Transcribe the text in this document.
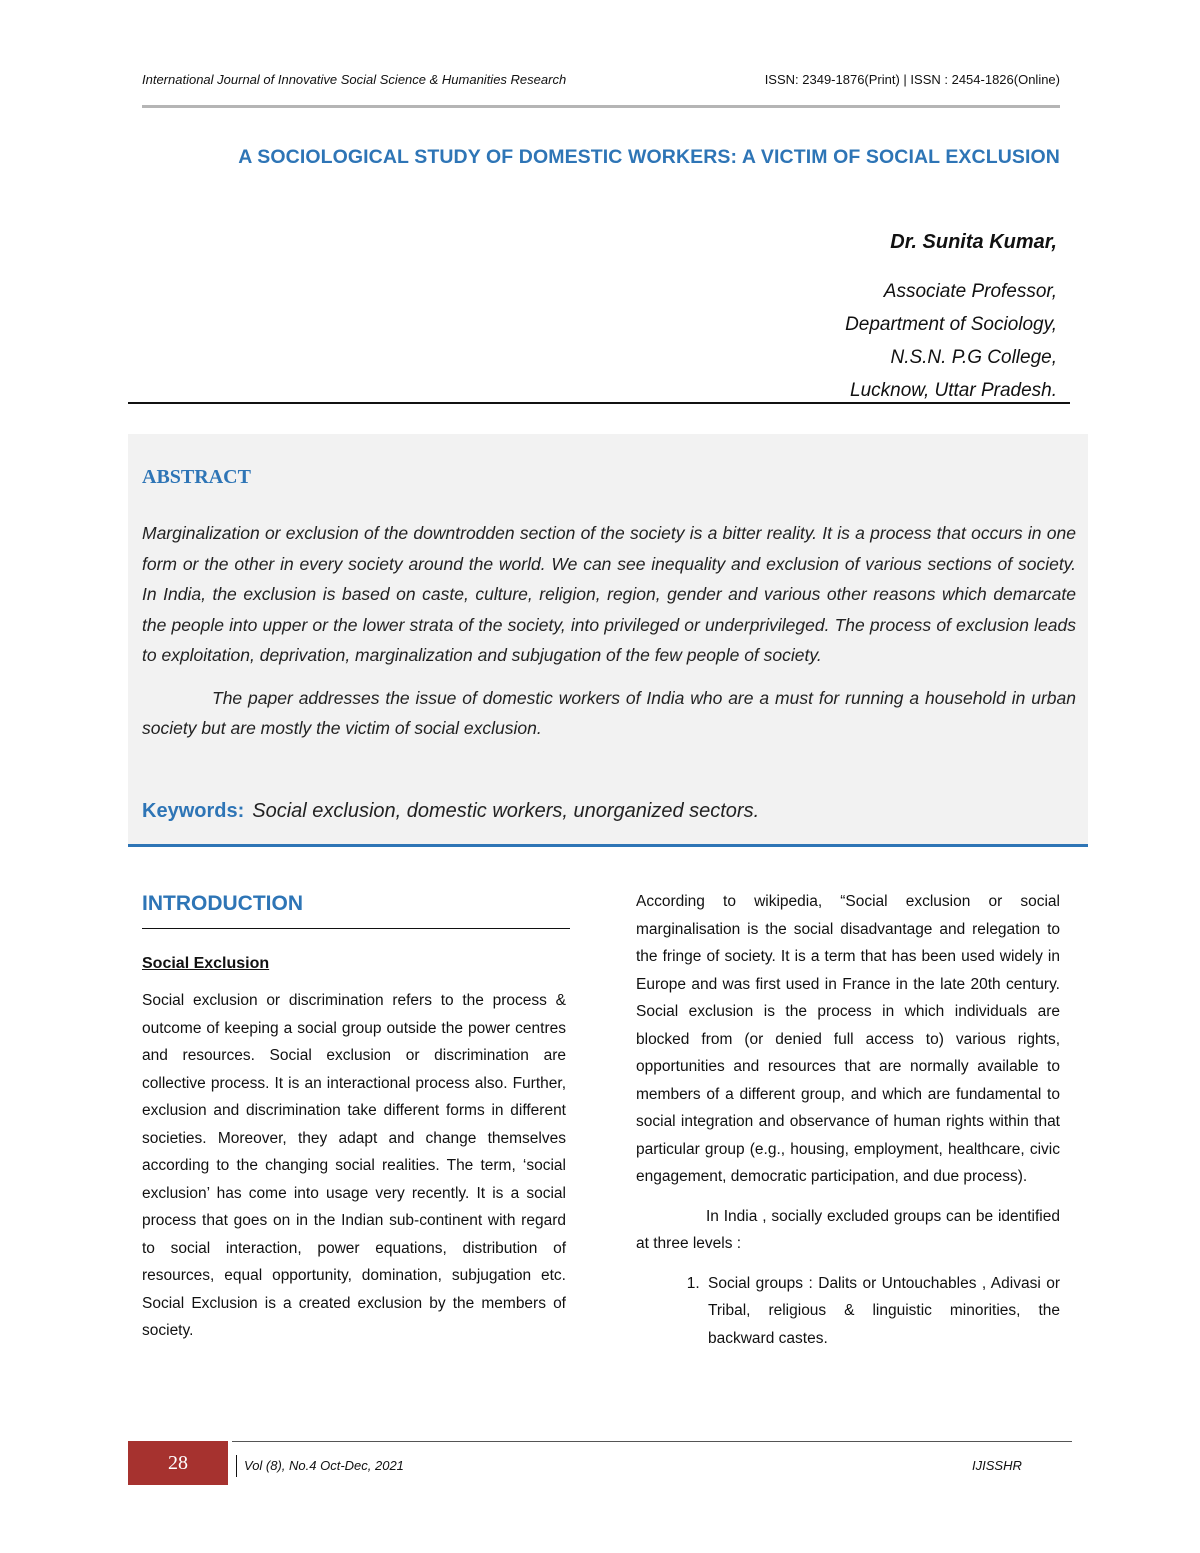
International Journal of Innovative Social Science & Humanities Research	ISSN: 2349-1876(Print) | ISSN : 2454-1826(Online)
A SOCIOLOGICAL STUDY OF DOMESTIC WORKERS: A VICTIM OF SOCIAL EXCLUSION
Dr. Sunita Kumar,
Associate Professor,
Department of Sociology,
N.S.N. P.G College,
Lucknow, Uttar Pradesh.
ABSTRACT

Marginalization or exclusion of the downtrodden section of the society is a bitter reality. It is a process that occurs in one form or the other in every society around the world. We can see inequality and exclusion of various sections of society. In India, the exclusion is based on caste, culture, religion, region, gender and various other reasons which demarcate the people into upper or the lower strata of the society, into privileged or underprivileged. The process of exclusion leads to exploitation, deprivation, marginalization and subjugation of the few people of society.

The paper addresses the issue of domestic workers of India who are a must for running a household in urban society but are mostly the victim of social exclusion.

Keywords: Social exclusion, domestic workers, unorganized sectors.
INTRODUCTION
Social Exclusion

Social exclusion or discrimination refers to the process & outcome of keeping a social group outside the power centres and resources. Social exclusion or discrimination are collective process. It is an interactional process also. Further, exclusion and discrimination take different forms in different societies. Moreover, they adapt and change themselves according to the changing social realities. The term, ‘social exclusion’ has come into usage very recently. It is a social process that goes on in the Indian sub-continent with regard to social interaction, power equations, distribution of resources, equal opportunity, domination, subjugation etc. Social Exclusion is a created exclusion by the members of society.

According to wikipedia, “Social exclusion or social marginalisation is the social disadvantage and relegation to the fringe of society. It is a term that has been used widely in Europe and was first used in France in the late 20th century. Social exclusion is the process in which individuals are blocked from (or denied full access to) various rights, opportunities and resources that are normally available to members of a different group, and which are fundamental to social integration and observance of human rights within that particular group (e.g., housing, employment, healthcare, civic engagement, democratic participation, and due process).

In India , socially excluded groups can be identified at three levels :

1. Social groups : Dalits or Untouchables , Adivasi or Tribal, religious & linguistic minorities, the backward castes.
28	Vol (8), No.4 Oct-Dec, 2021	IJISSHR
